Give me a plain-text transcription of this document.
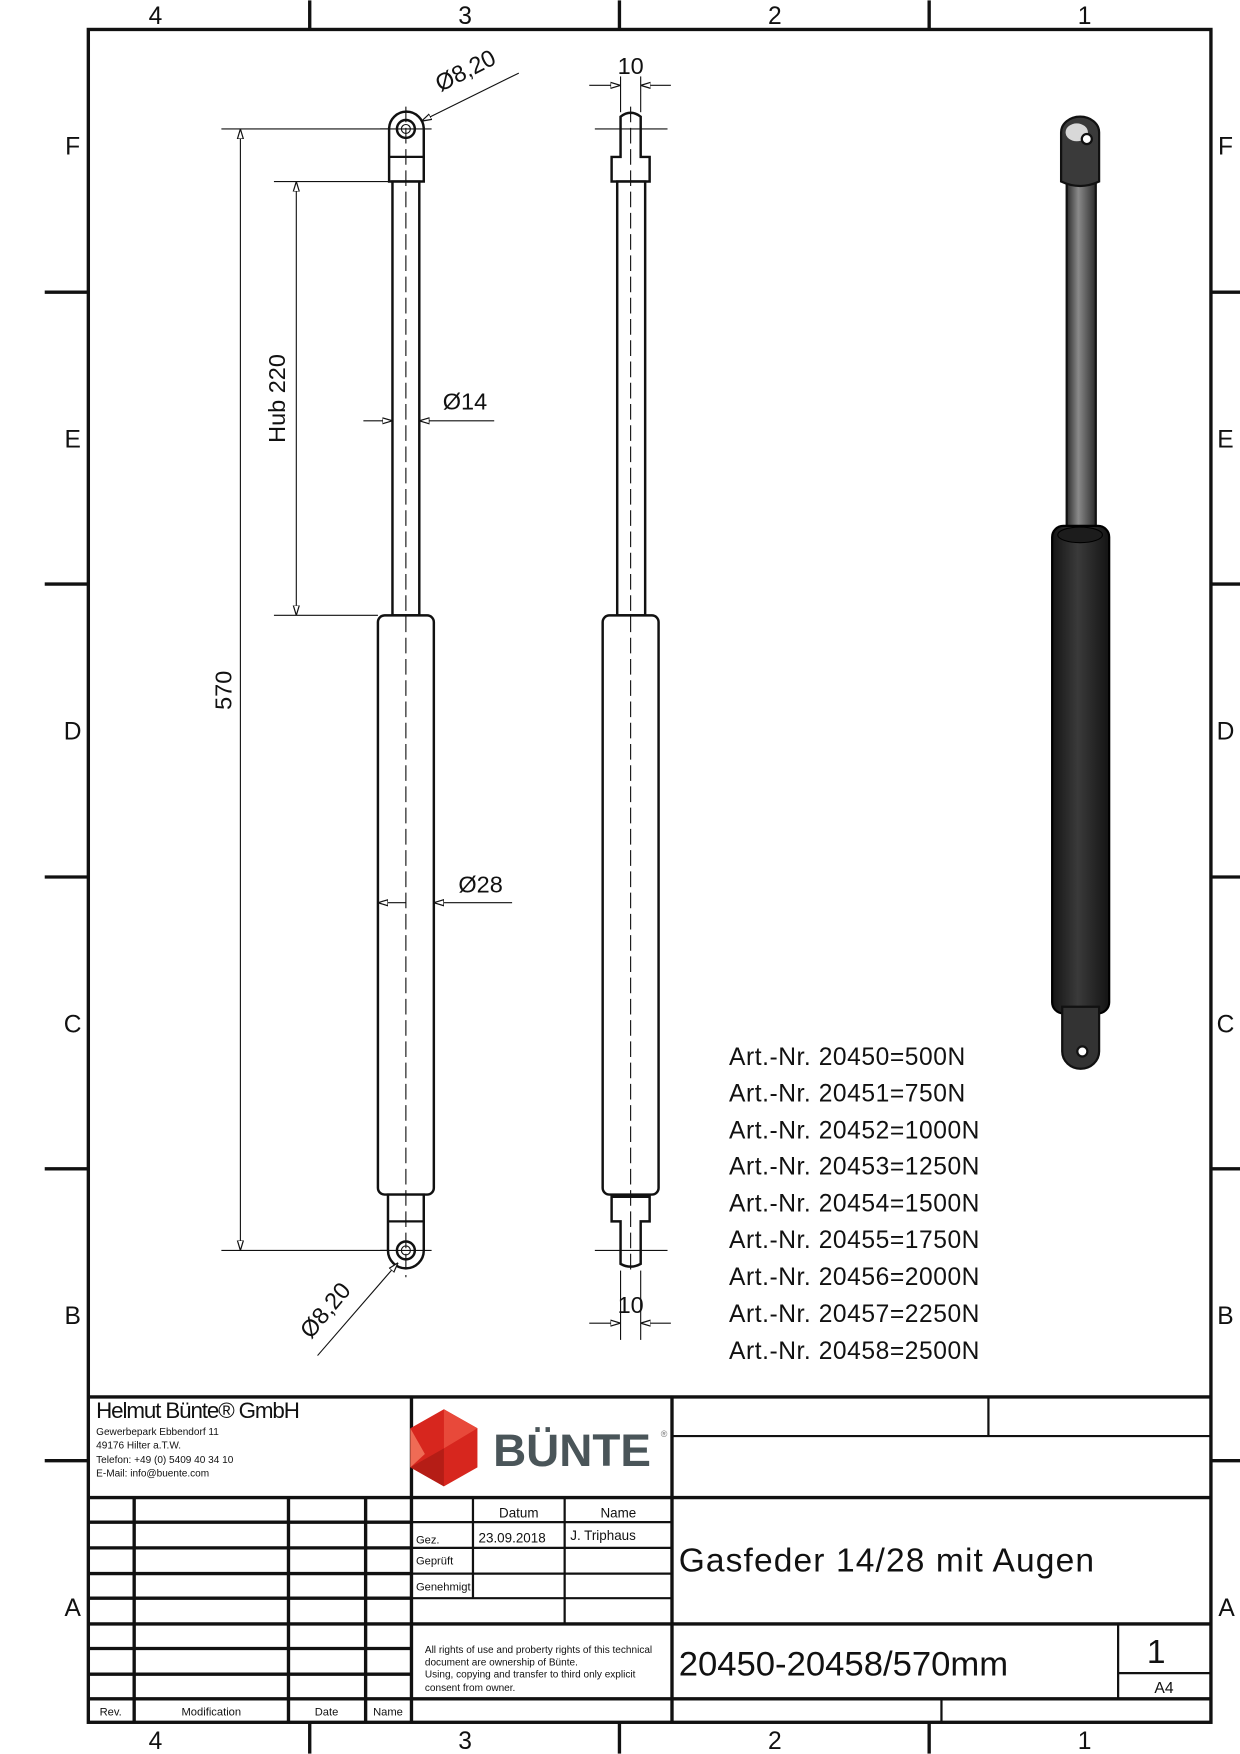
4	3	2	1
4	3	2	1
F
E
D
C
B
A
F
E
D
C
B
A
570
Hub 220	Ø14
Ø28
Ø8,20
Ø8,20
10
10
Art.-Nr. 20450=500N
Art.-Nr. 20451=750N
Art.-Nr. 20452=1000N
Art.-Nr. 20453=1250N
Art.-Nr. 20454=1500N
Art.-Nr. 20455=1750N
Art.-Nr. 20456=2000N
Art.-Nr. 20457=2250N
Art.-Nr. 20458=2500N
Helmut Bünte® GmbH
Gewerbepark Ebbendorf 11
49176 Hilter a.T.W.
Telefon: +49 (0) 5409 40 34 10
E-Mail: info@buente.com	BÜNTE ®
Datum	Name
Gez.	23.09.2018 J. Triphaus
Geprüft
Genehmigt
All rights of use and proberty rights of this technical
document are ownership of Bünte.
Using, copying and transfer to third only explicit
consent from owner.
Gasfeder 14/28 mit Augen
20450-20458/570mm	1
A4
Rev.	Modification	Date	Name
